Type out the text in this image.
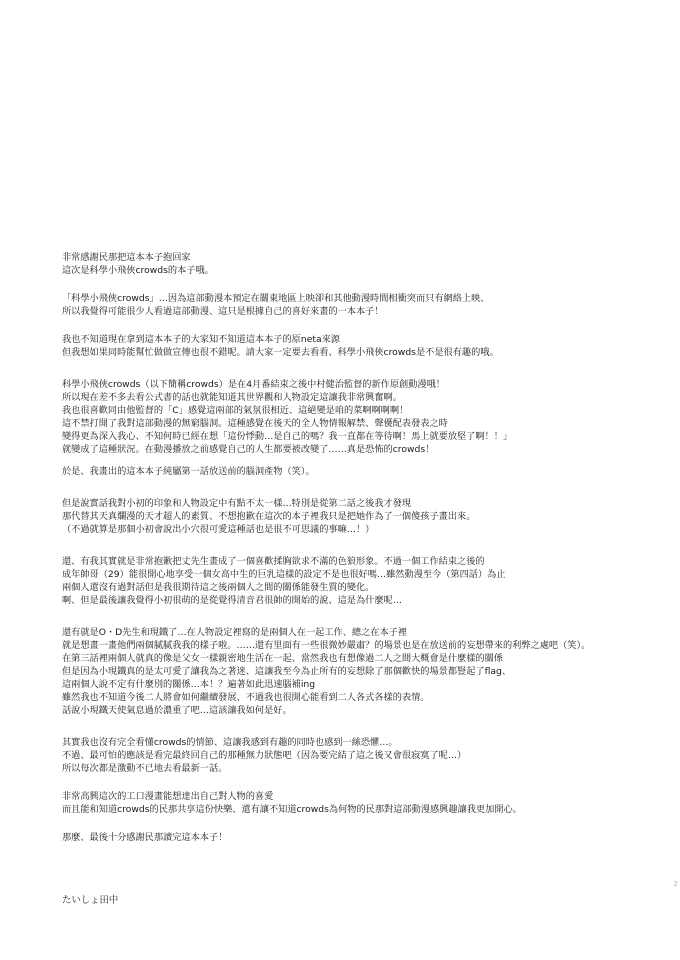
非常感謝民那把這本本子抱回家
這次是科學小飛俠crowds的本子哦。
「科學小飛俠crowds」…因為這部動漫本預定在關東地區上映卻和其他動漫時間相衝突而只有網絡上映、
所以我覺得可能很少人看過這部動漫、這只是根據自己的喜好來畫的一本本子！
我也不知道現在拿到這本本子的大家知不知道這本本子的原neta來源
但我想如果同時能幫忙做做宣傳也很不錯呢。請大家一定要去看看、科學小飛俠crowds是不是很有趣的哦。
科學小飛俠crowds（以下簡稱crowds）是在4月番結束之後中村健治監督的新作原創動漫哦！
所以現在差不多去看公式書的話也就能知道其世界觀和人物設定這讓我非常興奮啊。
我也很喜歡同由他監督的「C」感覺這兩部的氣氛很相近、這絕變是咱的菜啊啊啊啊！
這不禁打開了我對這部動漫的無窮腦洞。這種感覺在後天的全人物情報解禁、聲優配表發表之時
變得更為深入我心、不知何時已經在想「這份悸動…是自己的嗎？我一直都在等待啊！馬上就要放堅了啊！！」
就變成了這種狀況。在動漫播放之前感覺自己的人生都要被改變了……真是恐怖的crowds！
於是、我畫出的這本本子純屬第一話放送前的腦洞產物（笑）。
但是說實話我對小初的印象和人物設定中有點不太一樣…特別是從第二話之後我才發現
那代替其天真爛漫的天才超人的素質、不想抱歉在這次的本子裡我只是把她作為了一個傻孩子畫出來。
（不過就算是那個小初會說出小穴很可愛這種話也是很不可思議的事嘛…！）
還、有我其實就是非常抱歉把丈先生畫成了一個喜歡揉胸欲求不滿的色狼形象。不過一個工作結束之後的
成年帥哥（29）能很開心地享受一個女高中生的巨乳這樣的設定不是也很好嗎…雖然動漫至今（第四話）為止
兩個人還沒有過對話但是我很期待這之後兩個人之間的關係能發生質的變化。
啊、但是最後讓我覺得小初很萌的是從覺得清音君很帥的開始的說、這是為什麼呢…
還有就是O・D先生和現鐵了…在人物設定裡寫的是兩個人在一起工作、總之在本子裡
就是想畫一畫他們兩個膩膩我我的樣子啦。……還有里面有一些很微妙嚴肅？的場景也是在放送前的妄想帶來的利弊之處吧（笑）。
在第三話裡兩個人就真的像是父女一樣親密地生活在一起、當然我也有想像過二人之間大概會是什麼樣的關係
但是因為小現鐵真的是太可愛了讓我為之著迷、這讓我至今為止所有的妄想除了那個歡快的場景都豎起了flag、
這兩個人說不定有什麼別的關係…本！？遍著如此迅速腦補ing
雖然我也不知道今後二人將會如何繼續發展、不過我也很開心能看到二人各式各樣的表情。
話說小現鐵天使氣息過於濃重了吧…這該讓我如何是好。
其實我也沒有完全看懂crowds的情節、這讓我感到有趣的同時也感到一絲恐懼…。
不過、最可怕的應該是看完最終回自己的那種無力狀態吧（因為要完結了這之後又會很寂寞了呢…）
所以每次都是激動不已地去看最新一話。
非常高興這次的工口漫畫能想達出自己對人物的喜愛
而且能和知道crowds的民那共享這份快樂、還有讓不知道crowds為何物的民那對這部動漫感興趣讓我更加開心。
那麼、最後十分感謝民那讀完這本本子！
たいしょ田中
2
